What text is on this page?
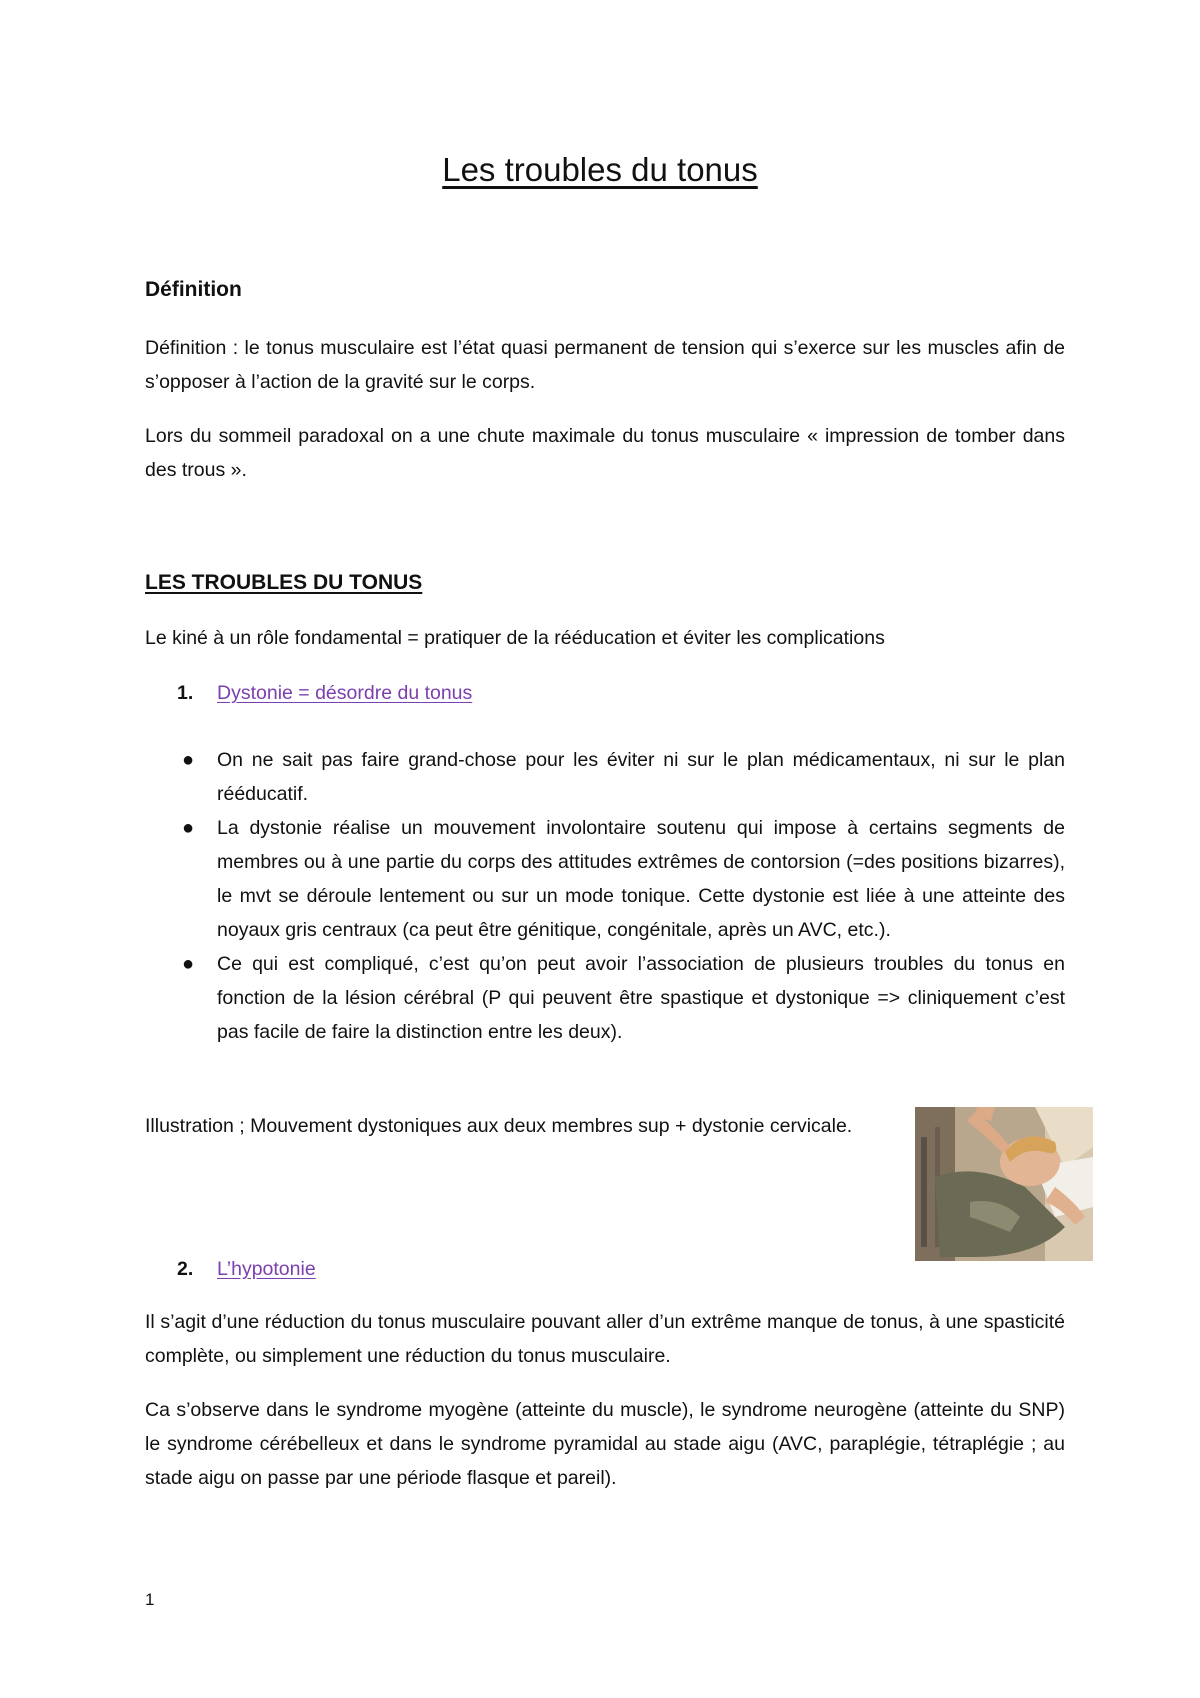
Les troubles du tonus
Définition

Définition : le tonus musculaire est l’état quasi permanent de tension qui s’exerce sur les muscles afin de s’opposer à l’action de la gravité sur le corps.

Lors du sommeil paradoxal on a une chute maximale du tonus musculaire « impression de tomber dans des trous ».

LES TROUBLES DU TONUS

Le kiné à un rôle fondamental = pratiquer de la rééducation et éviter les complications

1. Dystonie = désordre du tonus

● On ne sait pas faire grand-chose pour les éviter ni sur le plan médicamentaux, ni sur le plan rééducatif.
● La dystonie réalise un mouvement involontaire soutenu qui impose à certains segments de membres ou à une partie du corps des attitudes extrêmes de contorsion (=des positions bizarres), le mvt se déroule lentement ou sur un mode tonique. Cette dystonie est liée à une atteinte des noyaux gris centraux (ca peut être génitique, congénitale, après un AVC, etc.).
● Ce qui est compliqué, c’est qu’on peut avoir l’association de plusieurs troubles du tonus en fonction de la lésion cérébral (P qui peuvent être spastique et dystonique => cliniquement c’est pas facile de faire la distinction entre les deux).

Illustration ; Mouvement dystoniques aux deux membres sup + dystonie cervicale.

2. L’hypotonie

Il s’agit d’une réduction du tonus musculaire pouvant aller d’un extrême manque de tonus, à une spasticité complète, ou simplement une réduction du tonus musculaire.

Ca s’observe dans le syndrome myogène (atteinte du muscle), le syndrome neurogène (atteinte du SNP) le syndrome cérébelleux et dans le syndrome pyramidal au stade aigu (AVC, paraplégie, tétraplégie ; au stade aigu on passe par une période flasque et pareil).

1
